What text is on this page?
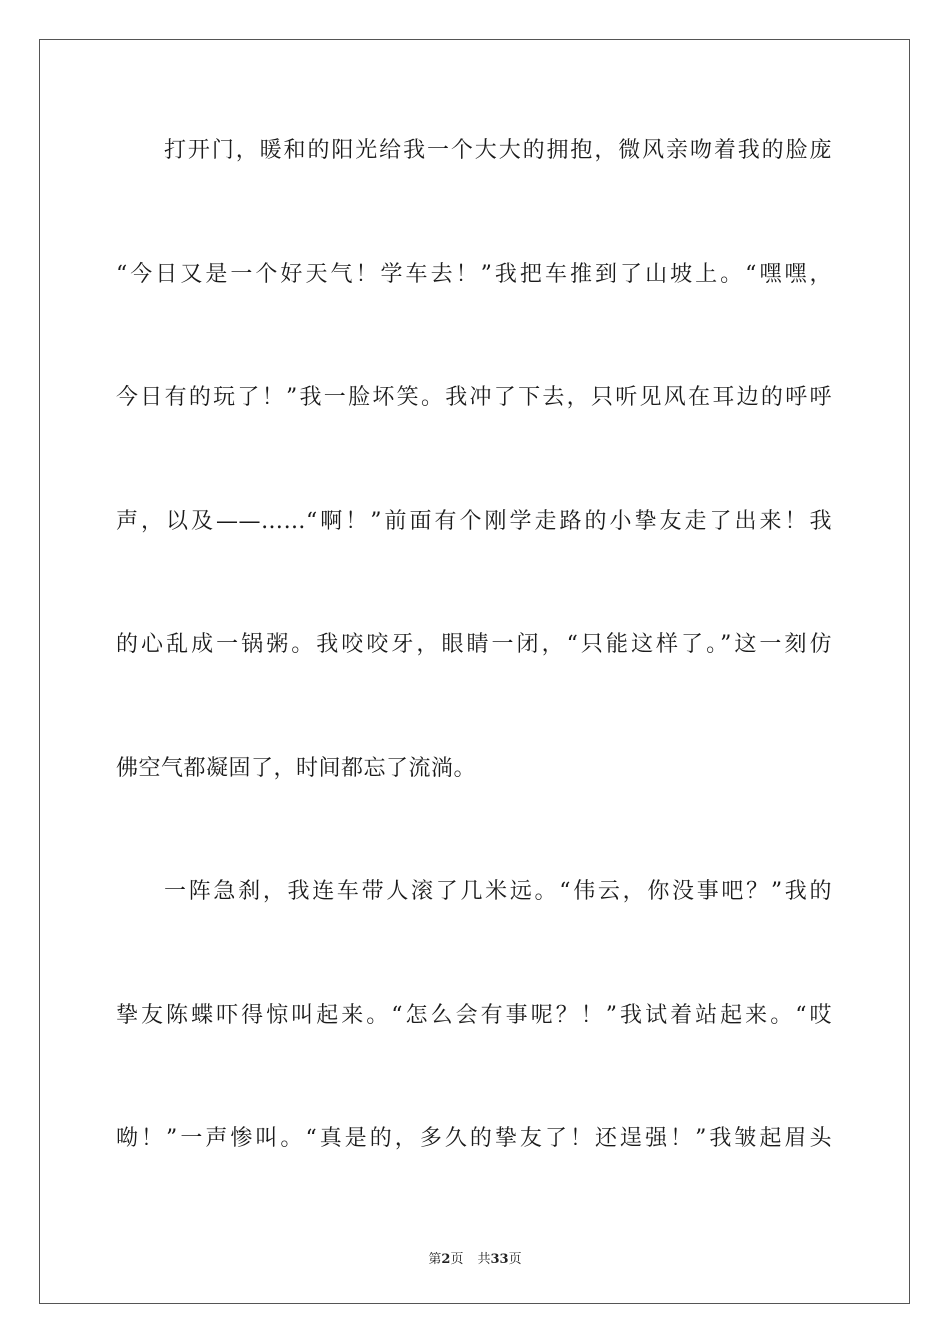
打开门，暖和的阳光给我一个大大的拥抱，微风亲吻着我的脸庞
“今日又是一个好天气！学车去！”我把车推到了山坡上。“嘿嘿，
今日有的玩了！”我一脸坏笑。我冲了下去，只听见风在耳边的呼呼
声，以及——……“啊！”前面有个刚学走路的小挚友走了出来！我
的心乱成一锅粥。我咬咬牙，眼睛一闭，“只能这样了。”这一刻仿
佛空气都凝固了，时间都忘了流淌。
一阵急刹，我连车带人滚了几米远。“伟云，你没事吧？”我的
挚友陈蝶吓得惊叫起来。“怎么会有事呢？！”我试着站起来。“哎
呦！”一声惨叫。“真是的，多久的挚友了！还逞强！”我皱起眉头
第2页 共33页
